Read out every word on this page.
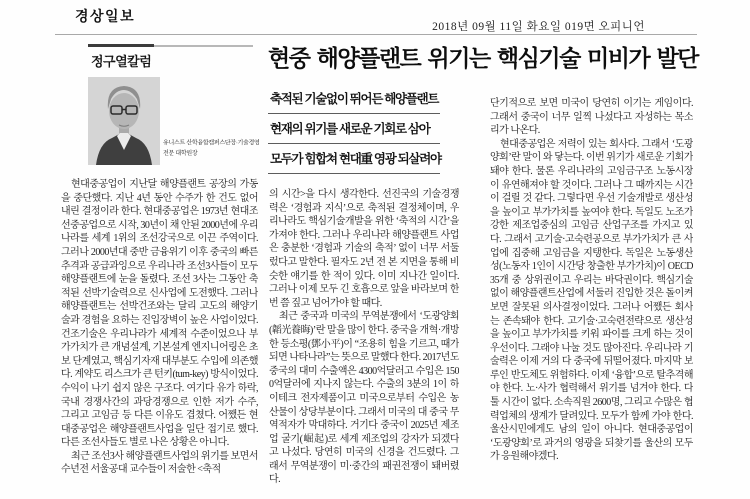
경상일보
2018년 09월 11일 화요일 019면 오피니언
현중 해양플랜트 위기는 핵심기술 미비가 발단
정구열칼럼
유니스트 산학융합캠퍼스단장·기술경영
전문 대학원장
축적된 기술없이 뛰어든 해양플랜트
현재의 위기를 새로운 기회로 삼아
모두가 힘합쳐 현대重 영광 되살려야

현대중공업이 지난달 해양플랜트 공장의 가동을 중단했다. 지난 4년 동안 수주가 한 건도 없어 내린 결정이라 한다. 현대중공업은 1973년 현대조선중공업으로 시작, 30년이 채 안된 2000년에 우리나라를 세계 1위의 조선강국으로 이끈 주역이다. 그러나 2000년대 중반 금융위기 이후 중국의 빠른 추격과 공급과잉으로 우리나라 조선3사들이 모두 해양플랜트에 눈을 돌렸다. 조선 3사는 그동안 축적된 선박기술력으로 신사업에 도전했다. 그러나 해양플랜트는 선박건조와는 달리 고도의 해양기술과 경험을 요하는 진입장벽이 높은 사업이었다. 건조기술은 우리나라가 세계적 수준이었으나 부가가치가 큰 개념설계, 기본설계 엔지니어링은 초보 단계였고, 핵심기자재 대부분도 수입에 의존했다. 계약도 리스크가 큰 턴키(turn-key) 방식이었다. 수익이 나기 쉽지 않은 구조다. 여기다 유가 하락, 국내 경쟁사간의 과당경쟁으로 인한 저가 수주, 그리고 고임금 등 다른 이유도 겹쳤다. 어쨌든 현대중공업은 해양플랜트사업을 일단 접기로 했다. 다른 조선사들도 별로 나은 상황은 아니다.

최근 조선3사 해양플랜트사업의 위기를 보면서 수년전 서울공대 교수들이 저술한 <축적

의 시간>을 다시 생각한다. 선진국의 기술경쟁력은 ‘경험과 지식’으로 축적된 결정체이며, 우리나라도 핵심기술개발을 위한 ‘축적의 시간’을 가져야 한다. 그러나 우리나라 해양플랜트 사업은 충분한 ‘경험과 기술의 축적’ 없이 너무 서둘렀다고 말한다. 필자도 2년 전 본 지면을 통해 비슷한 얘기를 한 적이 있다. 이미 지나간 일이다. 그러나 이제 모두 긴 호흡으로 앞을 바라보며 한번 쯤 짚고 넘어가야 할 때다.

최근 중국과 미국의 무역분쟁에서 ‘도광양회(韜光養晦)’란 말을 많이 한다. 중국을 개혁·개방한 등소평(鄧小平)이 “조용히 힘을 기르고, 때가 되면 나타나라”는 뜻으로 말했다 한다. 2017년도 중국의 대미 수출액은 4300억달러고 수입은 1500억달러에 지나지 않는다. 수출의 3분의 1이 하이테크 전자제품이고 미국으로부터 수입은 농산물이 상당부분이다. 그래서 미국의 대 중국 무역적자가 막대하다. 거기다 중국이 2025년 제조업 굴기(崛起)로 세계 제조업의 강자가 되겠다고 나섰다. 당연히 미국의 신경을 건드렸다. 그래서 무역분쟁이 미·중간의 패권전쟁이 돼버렸다.

단기적으로 보면 미국이 당연히 이기는 게임이다. 그래서 중국이 너무 일찍 나섰다고 자성하는 목소리가 나온다.

현대중공업은 저력이 있는 회사다. 그래서 ‘도광양회’란 말이 와 닿는다. 이번 위기가 새로운 기회가 돼야 한다. 물론 우리나라의 고임금구조 노동시장이 유연해져야 할 것이다. 그러나 그 때까지는 시간이 걸릴 것 같다. 그렇다면 우선 기술개발로 생산성을 높이고 부가가치를 높여야 한다. 독일도 노조가 강한 제조업중심의 고임금 산업구조를 가지고 있다. 그래서 고기술·고숙련공으로 부가가치가 큰 사업에 집중해 고임금을 지탱한다. 독일은 노동생산성(노동자 1인이 시간당 창출한 부가가치)이 OECD 35개 중 상위권이고 우리는 바닥권이다. 핵심기술없이 해양플랜트산업에 서둘러 진입한 것은 돌이켜 보면 잘못된 의사결정이었다. 그러나 어쨌든 회사는 존속돼야 한다. 고기술·고숙련전략으로 생산성을 높이고 부가가치를 키워 파이를 크게 하는 것이 우선이다. 그래야 나눌 것도 많아진다. 우리나라 기술력은 이제 거의 다 중국에 뒤떨어졌다. 마지막 보루인 반도체도 위험하다. 이제 ‘융합’으로 탈추격해야 한다. 노·사가 협력해서 위기를 넘겨야 한다. 다툴 시간이 없다. 소속직원 2600명, 그리고 수많은 협력업체의 생계가 달려있다. 모두가 함께 가야 한다. 울산시민에게도 남의 일이 아니다. 현대중공업이 ‘도광양회’로 과거의 영광을 되찾기를 울산의 모두가 응원해야겠다.
